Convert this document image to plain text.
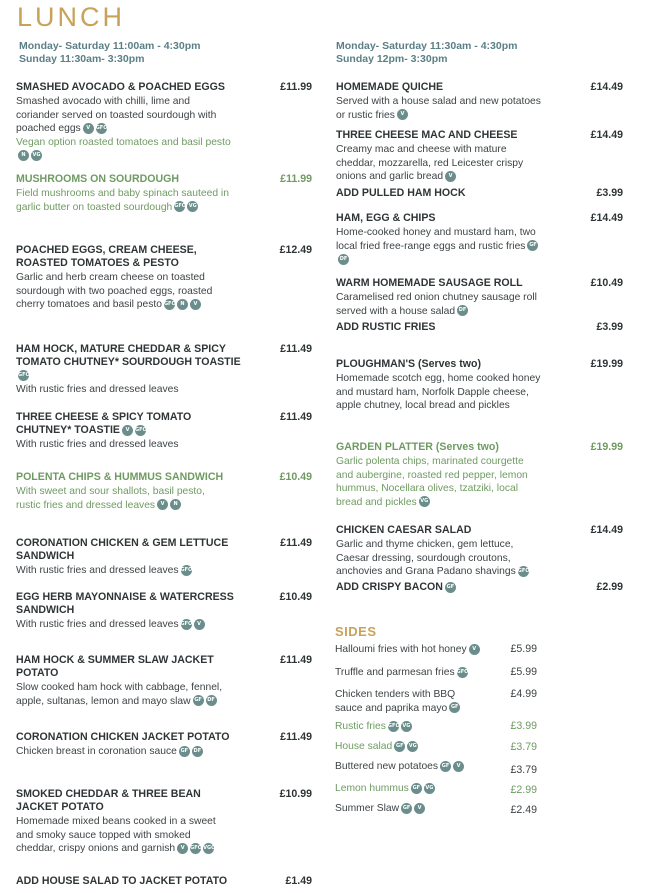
LUNCH
Monday- Saturday 11:00am - 4:30pm
Sunday 11:30am- 3:30pm
Monday- Saturday 11:30am - 4:30pm
Sunday 12pm- 3:30pm
SMASHED AVOCADO & POACHED EGGS
Smashed avocado with chilli, lime and coriander served on toasted sourdough with poached eggs V GFO
Vegan option roasted tomatoes and basil pestoN VG
£11.99
MUSHROOMS ON SOURDOUGH
Field mushrooms and baby spinach sauteed in garlic butter on toasted sourdough GFO VG
£11.99
POACHED EGGS, CREAM CHEESE, ROASTED TOMATOES & PESTO
Garlic and herb cream cheese on toasted sourdough with two poached eggs, roasted cherry tomatoes and basil pesto GFO N V
£12.49
HAM HOCK, MATURE CHEDDAR & SPICY TOMATO CHUTNEY* SOURDOUGH TOASTIEGFO
With rustic fries and dressed leaves
£11.49
THREE CHEESE & SPICY TOMATO CHUTNEY* TOASTIE V GFO
With rustic fries and dressed leaves
£11.49
POLENTA CHIPS & HUMMUS SANDWICH
With sweet and sour shallots, basil pesto, rustic fries and dressed leaves V N
£10.49
CORONATION CHICKEN & GEM LETTUCE SANDWICH
With rustic fries and dressed leaves GFO
£11.49
EGG HERB MAYONNAISE & WATERCRESS SANDWICH
With rustic fries and dressed leaves GFO V
£10.49
HAM HOCK & SUMMER SLAW JACKET POTATO
Slow cooked ham hock with cabbage, fennel, apple, sultanas, lemon and mayo slaw GF DF
£11.49
CORONATION CHICKEN JACKET POTATO
Chicken breast in coronation sauce GF DF
£11.49
SMOKED CHEDDAR & THREE BEAN JACKET POTATO
Homemade mixed beans cooked in a sweet and smoky sauce topped with smoked cheddar, crispy onions and garnish V GFOVGO
£10.99
ADD HOUSE SALAD TO JACKET POTATO	£1.49
HOMEMADE QUICHE
Served with a house salad and new potatoes or rustic fries V
£14.49
THREE CHEESE MAC AND CHEESE
Creamy mac and cheese with mature cheddar, mozzarella, red Leicester crispy onions and garlic bread V
£14.49
ADD PULLED HAM HOCK	£3.99
HAM, EGG & CHIPS
Home-cooked honey and mustard ham, two local fried free-range eggs and rustic fries GFDF
£14.49
WARM HOMEMADE SAUSAGE ROLL
Caramelised red onion chutney sausage roll served with a house salad DF
£10.49
ADD RUSTIC FRIES	£3.99
PLOUGHMAN'S (Serves two)
Homemade scotch egg, home cooked honey and mustard ham, Norfolk Dapple cheese, apple chutney, local bread and pickles
£19.99
GARDEN PLATTER (Serves two)
Garlic polenta chips, marinated courgette and aubergine, roasted red pepper, lemon hummus, Nocellara olives, tzatziki, local bread and pickles VG
£19.99
CHICKEN CAESAR SALAD
Garlic and thyme chicken, gem lettuce, Caesar dressing, sourdough croutons, anchovies and Grana Padano shavings GFO
£14.49
ADD CRISPY BACON GF	£2.99
SIDES
Halloumi fries with hot honey V	£5.99
Truffle and parmesan fries GFO	£5.99
Chicken tenders with BBQ sauce and paprika mayo GF
£4.99
Rustic fries GFO VG	£3.99
House salad GF VG	£3.79
Buttered new potatoes GF V	£3.79
Lemon hummus GF VG	£2.99
Summer Slaw GF V	£2.49
